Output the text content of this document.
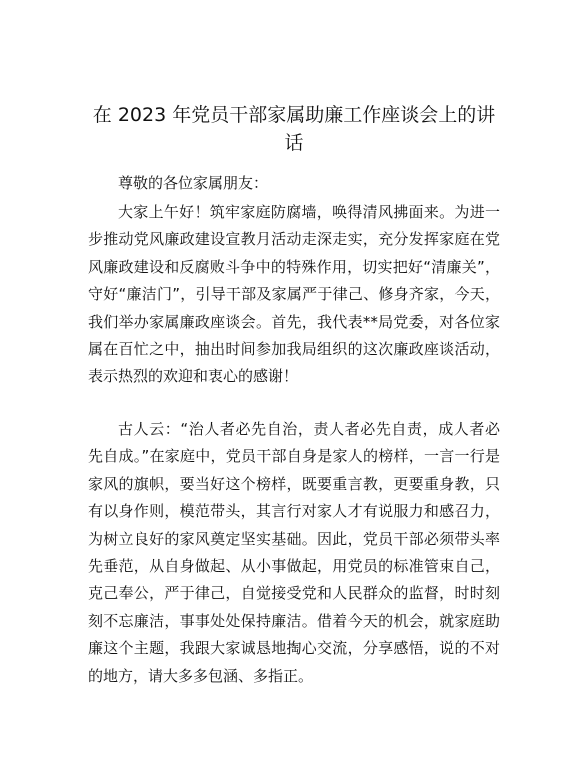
在 2023 年党员干部家属助廉工作座谈会上的讲话

尊敬的各位家属朋友：

大家上午好！筑牢家庭防腐墙，唤得清风拂面来。为进一步推动党风廉政建设宣教月活动走深走实，充分发挥家庭在党风廉政建设和反腐败斗争中的特殊作用，切实把好“清廉关”，守好“廉洁门”，引导干部及家属严于律己、修身齐家，今天，我们举办家属廉政座谈会。首先，我代表**局党委，对各位家属在百忙之中，抽出时间参加我局组织的这次廉政座谈活动，表示热烈的欢迎和衷心的感谢！

古人云：“治人者必先自治，责人者必先自责，成人者必先自成。”在家庭中，党员干部自身是家人的榜样，一言一行是家风的旗帜，要当好这个榜样，既要重言教，更要重身教，只有以身作则，模范带头，其言行对家人才有说服力和感召力，为树立良好的家风奠定坚实基础。因此，党员干部必须带头率先垂范，从自身做起、从小事做起，用党员的标准管束自己，克己奉公，严于律己，自觉接受党和人民群众的监督，时时刻刻不忘廉洁，事事处处保持廉洁。借着今天的机会，就家庭助廉这个主题，我跟大家诚恳地掏心交流，分享感悟，说的不对的地方，请大多多包涵、多指正。
